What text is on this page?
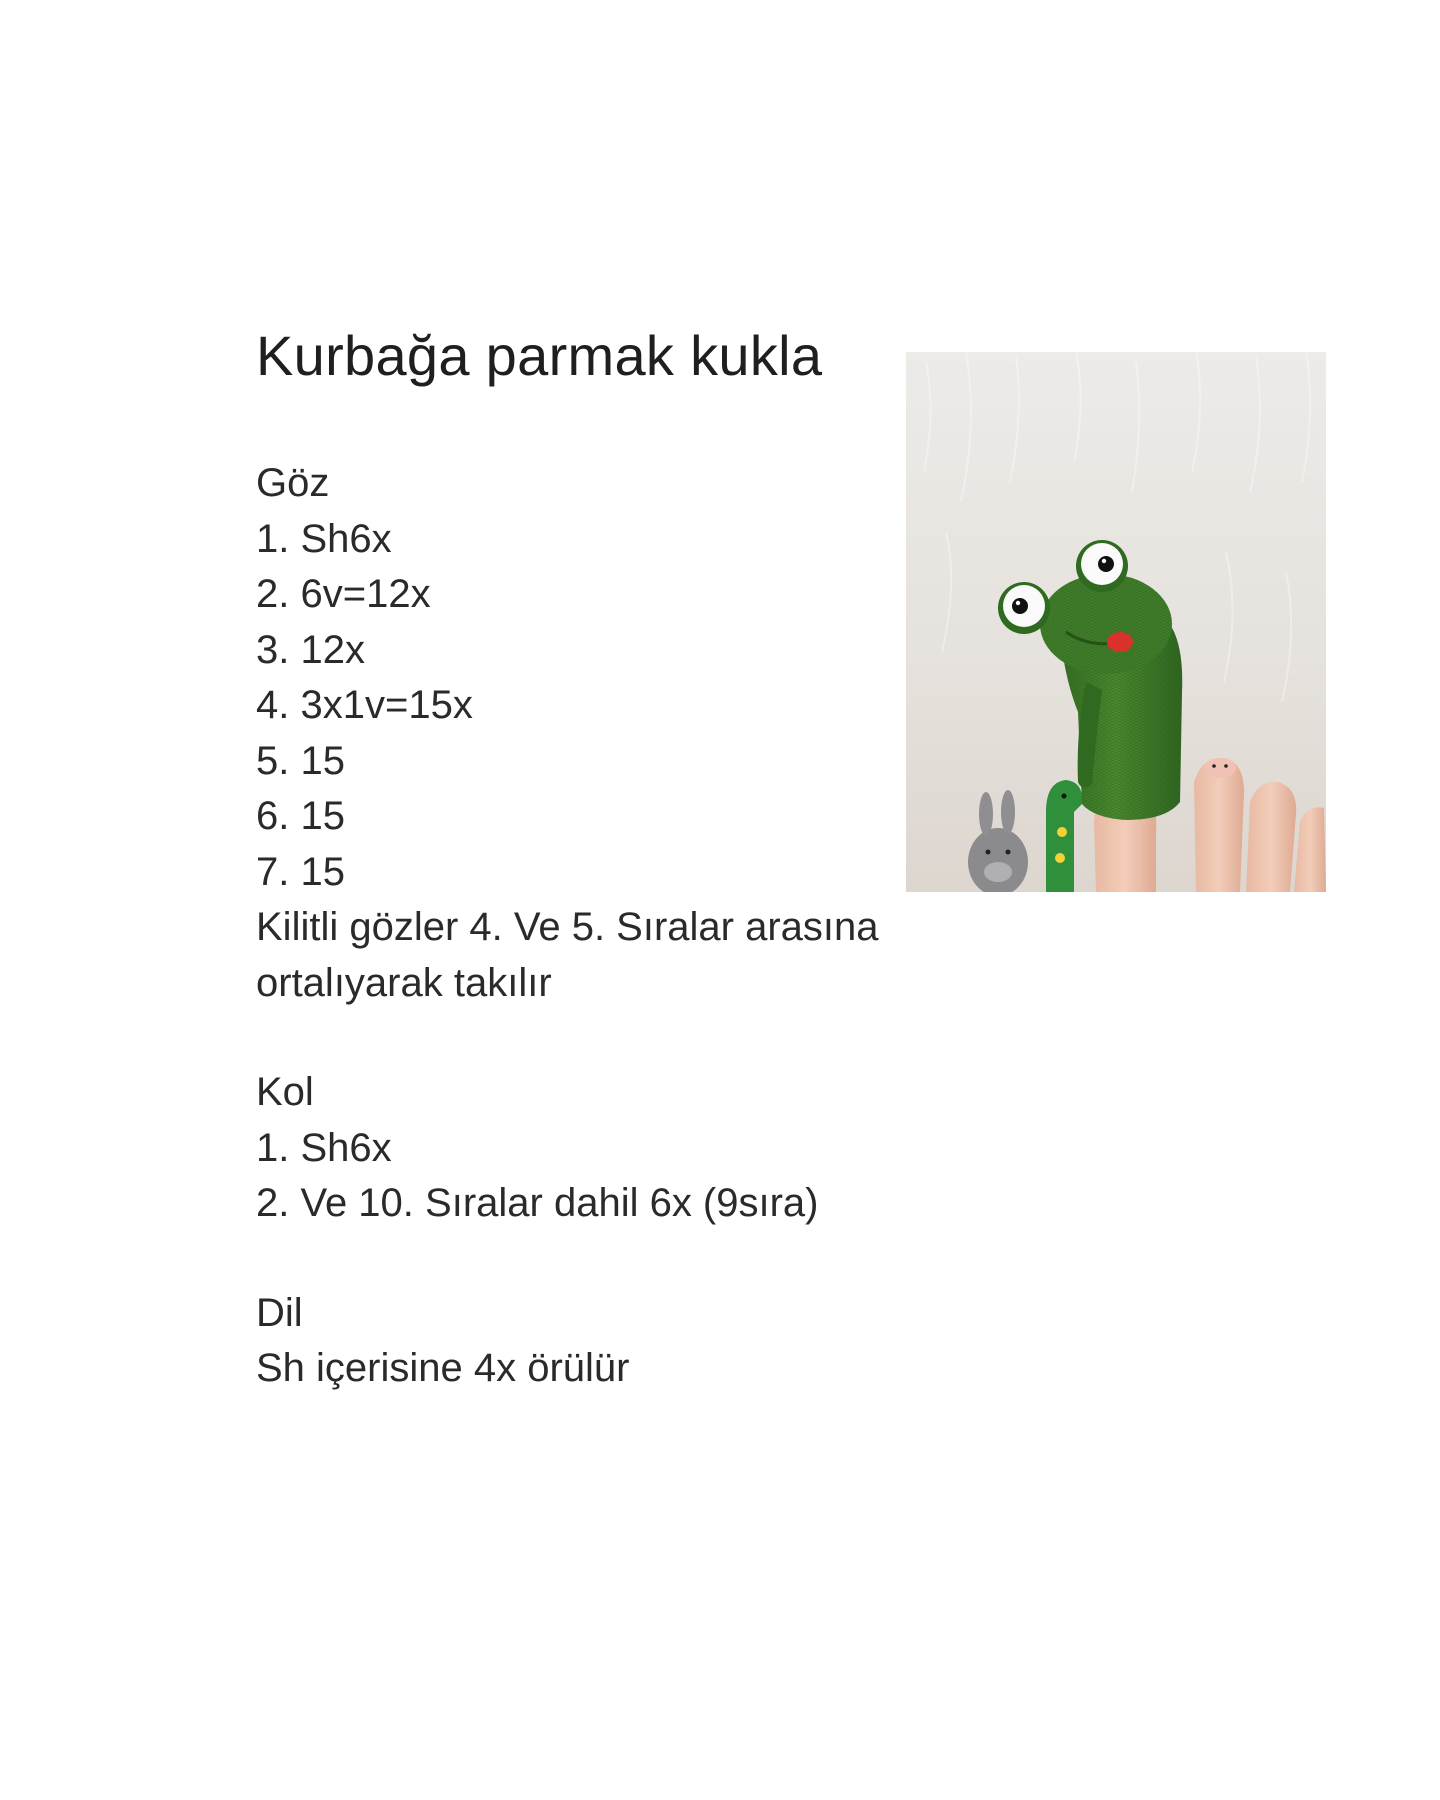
Kurbağa parmak kukla
Göz
1. Sh6x
2. 6v=12x
3. 12x
4. 3x1v=15x
5. 15
6. 15
7. 15
Kilitli gözler 4. Ve 5. Sıralar arasına
ortalıyarak takılır
Kol
1. Sh6x
2. Ve 10. Sıralar dahil 6x (9sıra)
Dil
Sh içerisine 4x örülür
